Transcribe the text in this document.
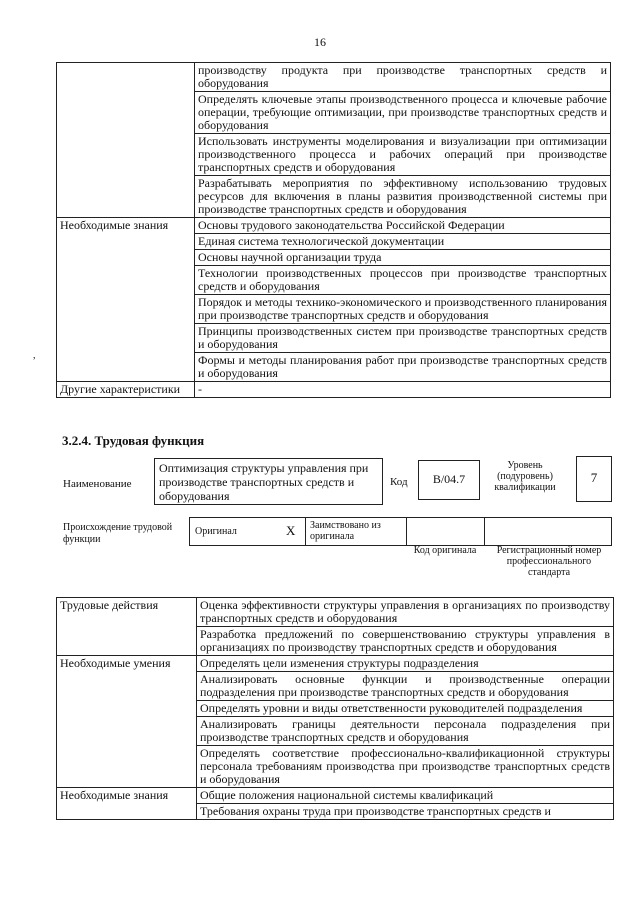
16
,
	производству продукта при производстве транспортных средств и оборудования
	Определять ключевые этапы производственного процесса и ключевые рабочие операции, требующие оптимизации, при производстве транспортных средств и оборудования
	Использовать инструменты моделирования и визуализации при оптимизации производственного процесса и рабочих операций при производстве транспортных средств и оборудования
	Разрабатывать мероприятия по эффективному использованию трудовых ресурсов для включения в планы развития производственной системы при производстве транспортных средств и оборудования
Необходимые знания	Основы трудового законодательства Российской Федерации
	Единая система технологической документации
	Основы научной организации труда
	Технологии производственных процессов при производстве транспортных средств и оборудования
	Порядок и методы технико-экономического и производственного планирования при производстве транспортных средств и оборудования
	Принципы производственных систем при производстве транспортных средств и оборудования
	Формы и методы планирования работ при производстве транспортных средств и оборудования
Другие характеристики	-
3.2.4. Трудовая функция
Наименование
Оптимизация структуры управления при производстве транспортных средств и оборудования
Код	B/04.7
Уровень (подуровень) квалификации
7
Происхождение трудовой функции
Оригинал	X Заимствовано из оригинала
Код оригинала	Регистрационный номер профессионального стандарта
Трудовые действия	Оценка эффективности структуры управления в организациях по производству транспортных средств и оборудования
	Разработка предложений по совершенствованию структуры управления в организациях по производству транспортных средств и оборудования
Необходимые умения	Определять цели изменения структуры подразделения
	Анализировать основные функции и производственные операции подразделения при производстве транспортных средств и оборудования
	Определять уровни и виды ответственности руководителей подразделения
	Анализировать границы деятельности персонала подразделения при производстве транспортных средств и оборудования
	Определять соответствие профессионально-квалификационной структуры персонала требованиям производства при производстве транспортных средств и оборудования
Необходимые знания	Общие положения национальной системы квалификаций
	Требования охраны труда при производстве транспортных средств и
